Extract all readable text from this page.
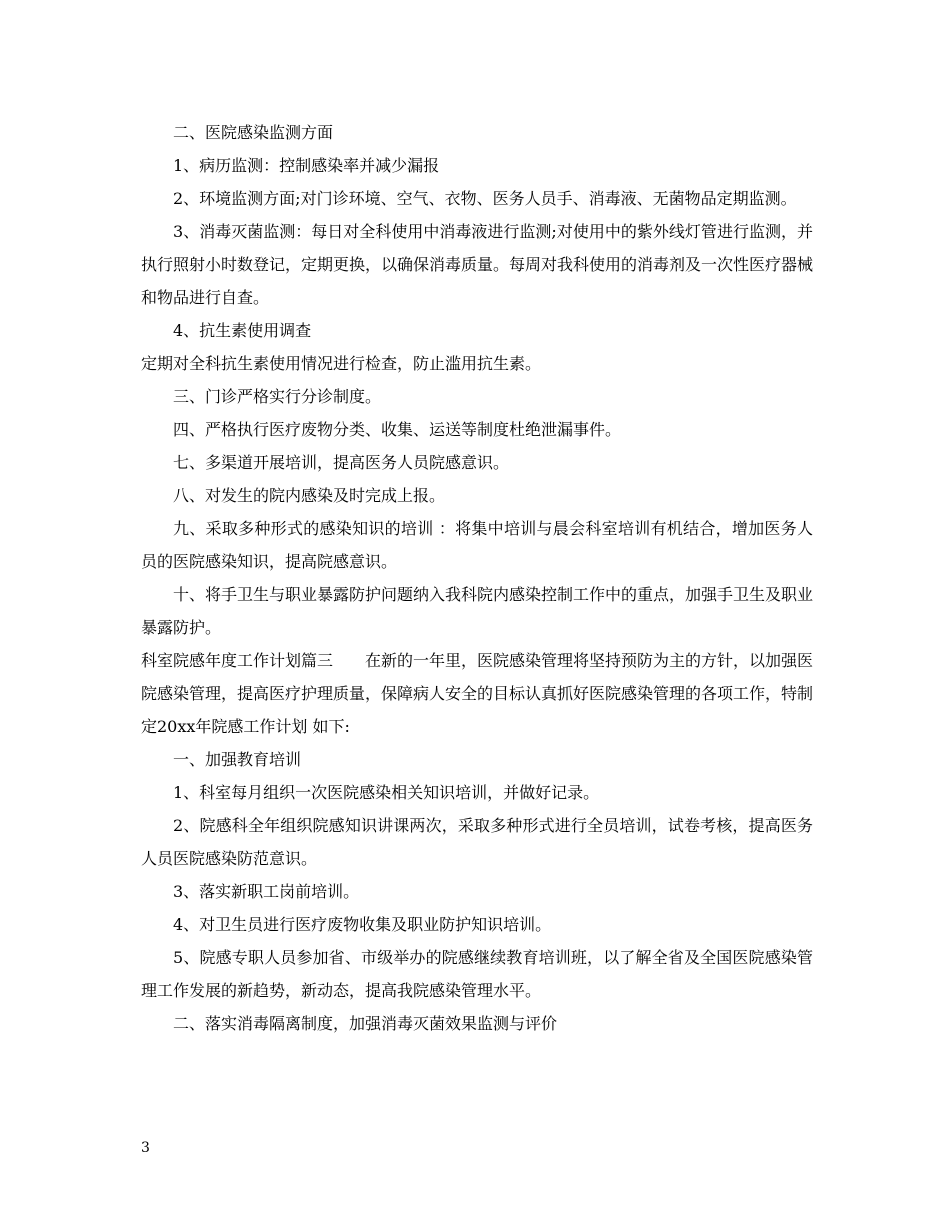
二、医院感染监测方面

1、病历监测：控制感染率并减少漏报

2、环境监测方面;对门诊环境、空气、衣物、医务人员手、消毒液、无菌物品定期监测。

3、消毒灭菌监测：每日对全科使用中消毒液进行监测;对使用中的紫外线灯管进行监测，并执行照射小时数登记，定期更换，以确保消毒质量。每周对我科使用的消毒剂及一次性医疗器械和物品进行自查。

4、抗生素使用调查

定期对全科抗生素使用情况进行检查，防止滥用抗生素。

三、门诊严格实行分诊制度。

四、严格执行医疗废物分类、收集、运送等制度杜绝泄漏事件。

七、多渠道开展培训，提高医务人员院感意识。

八、对发生的院内感染及时完成上报。

九、采取多种形式的感染知识的培训 ：将集中培训与晨会科室培训有机结合，增加医务人员的医院感染知识，提高院感意识。

十、将手卫生与职业暴露防护问题纳入我科院内感染控制工作中的重点，加强手卫生及职业暴露防护。

科室院感年度工作计划篇三　　在新的一年里，医院感染管理将坚持预防为主的方针，以加强医院感染管理，提高医疗护理质量，保障病人安全的目标认真抓好医院感染管理的各项工作，特制定20xx年院感工作计划 如下:

一、加强教育培训

1、科室每月组织一次医院感染相关知识培训，并做好记录。

2、院感科全年组织院感知识讲课两次，采取多种形式进行全员培训，试卷考核，提高医务人员医院感染防范意识。

3、落实新职工岗前培训。

4、对卫生员进行医疗废物收集及职业防护知识培训。

5、院感专职人员参加省、市级举办的院感继续教育培训班，以了解全省及全国医院感染管理工作发展的新趋势，新动态，提高我院感染管理水平。

二、落实消毒隔离制度，加强消毒灭菌效果监测与评价

3
